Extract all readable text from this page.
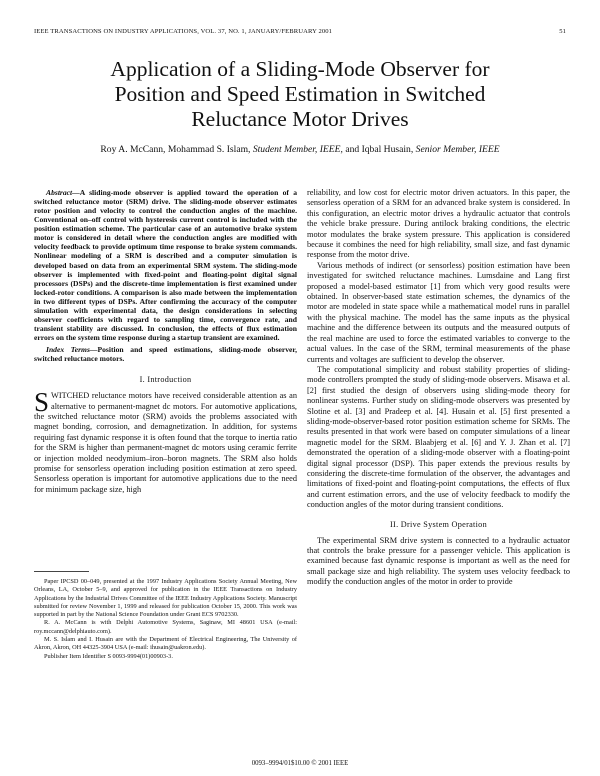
IEEE TRANSACTIONS ON INDUSTRY APPLICATIONS, VOL. 37, NO. 1, JANUARY/FEBRUARY 2001	51
Application of a Sliding-Mode Observer for
Position and Speed Estimation in Switched
Reluctance Motor Drives
Roy A. McCann, Mohammad S. Islam, Student Member, IEEE, and Iqbal Husain, Senior Member, IEEE

Abstract—A sliding-mode observer is applied toward the operation of a switched reluctance motor (SRM) drive. The sliding-mode observer estimates rotor position and velocity to control the conduction angles of the machine. Conventional on–off control with hysteresis current control is included with the position estimation scheme. The particular case of an automotive brake system motor is considered in detail where the conduction angles are modified with velocity feedback to provide optimum time response to brake system commands. Nonlinear modeling of a SRM is described and a computer simulation is developed based on data from an experimental SRM system. The sliding-mode observer is implemented with fixed-point and floating-point digital signal processors (DSPs) and the discrete-time implementation is first examined under locked-rotor conditions. A comparison is also made between the implementation in two different types of DSPs. After confirming the accuracy of the computer simulation with experimental data, the design considerations in selecting observer coefficients with regard to sampling time, convergence rate, and transient stability are discussed. In conclusion, the effects of flux estimation errors on the system time response during a startup transient are examined.

Index Terms—Position and speed estimations, sliding-mode observer, switched reluctance motors.

I. Introduction

SWITCHED reluctance motors have received considerable attention as an alternative to permanent-magnet dc motors. For automotive applications, the switched reluctance motor (SRM) avoids the problems associated with magnet bonding, corrosion, and demagnetization. In addition, for systems requiring fast dynamic response it is often found that the torque to inertia ratio for the SRM is higher than permanent-magnet dc motors using ceramic ferrite or injection molded neodymium–iron–boron magnets. The SRM also holds promise for sensorless operation including position estimation at zero speed. Sensorless operation is important for automotive applications due to the need for minimum package size, high

Paper IPCSD 00–049, presented at the 1997 Industry Applications Society Annual Meeting, New Orleans, LA, October 5–9, and approved for publication in the IEEE Transactions on Industry Applications by the Industrial Drives Committee of the IEEE Industry Applications Society. Manuscript submitted for review November 1, 1999 and released for publication October 15, 2000. This work was supported in part by the National Science Foundation under Grant ECS 9702330.

R. A. McCann is with Delphi Automotive Systems, Saginaw, MI 48601 USA (e-mail: roy.mccann@delphiauto.com).

M. S. Islam and I. Husain are with the Department of Electrical Engineering, The University of Akron, Akron, OH 44325-3904 USA (e-mail: ihusain@uakron.edu).

Publisher Item Identifier S 0093-9994(01)00903-3.

reliability, and low cost for electric motor driven actuators. In this paper, the sensorless operation of a SRM for an advanced brake system is considered. In this configuration, an electric motor drives a hydraulic actuator that controls the vehicle brake pressure. During antilock braking conditions, the electric motor modulates the brake system pressure. This application is considered because it combines the need for high reliability, small size, and fast dynamic response from the motor drive.

Various methods of indirect (or sensorless) position estimation have been investigated for switched reluctance machines. Lumsdaine and Lang first proposed a model-based estimator [1] from which very good results were obtained. In observer-based state estimation schemes, the dynamics of the motor are modeled in state space while a mathematical model runs in parallel with the physical machine. The model has the same inputs as the physical machine and the difference between its outputs and the measured outputs of the real machine are used to force the estimated variables to converge to the actual values. In the case of the SRM, terminal measurements of the phase currents and voltages are sufficient to develop the observer.

The computational simplicity and robust stability properties of sliding-mode controllers prompted the study of sliding-mode observers. Misawa et al. [2] first studied the design of observers using sliding-mode theory for nonlinear systems. Further study on sliding-mode observers was presented by Slotine et al. [3] and Pradeep et al. [4]. Husain et al. [5] first presented a sliding-mode-observer-based rotor position estimation scheme for SRMs. The results presented in that work were based on computer simulations of a linear magnetic model for the SRM. Blaabjerg et al. [6] and Y. J. Zhan et al. [7] demonstrated the operation of a sliding-mode observer with a floating-point digital signal processor (DSP). This paper extends the previous results by considering the discrete-time formulation of the observer, the advantages and limitations of fixed-point and floating-point computations, the effects of flux and current estimation errors, and the use of velocity feedback to modify the conduction angles of the motor during transient conditions.

II. Drive System Operation

The experimental SRM drive system is connected to a hydraulic actuator that controls the brake pressure for a passenger vehicle. This application is examined because fast dynamic response is important as well as the need for small package size and high reliability. The system uses velocity feedback to modify the conduction angles of the motor in order to provide

0093–9994/01$10.00 © 2001 IEEE
